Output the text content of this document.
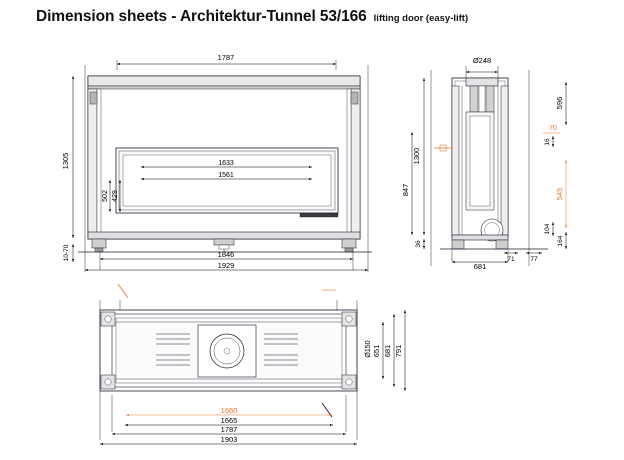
Dimension sheets - Architektur-Tunnel 53/166 lifting door (easy-lift)
1787
1305
10-70
1633
1561
502 429
1846
1929
Ø248
1300
847
36
596
70
16
545
104
164
681
71 77
Ø150 651 681 791
1660
1665
1787
1903
